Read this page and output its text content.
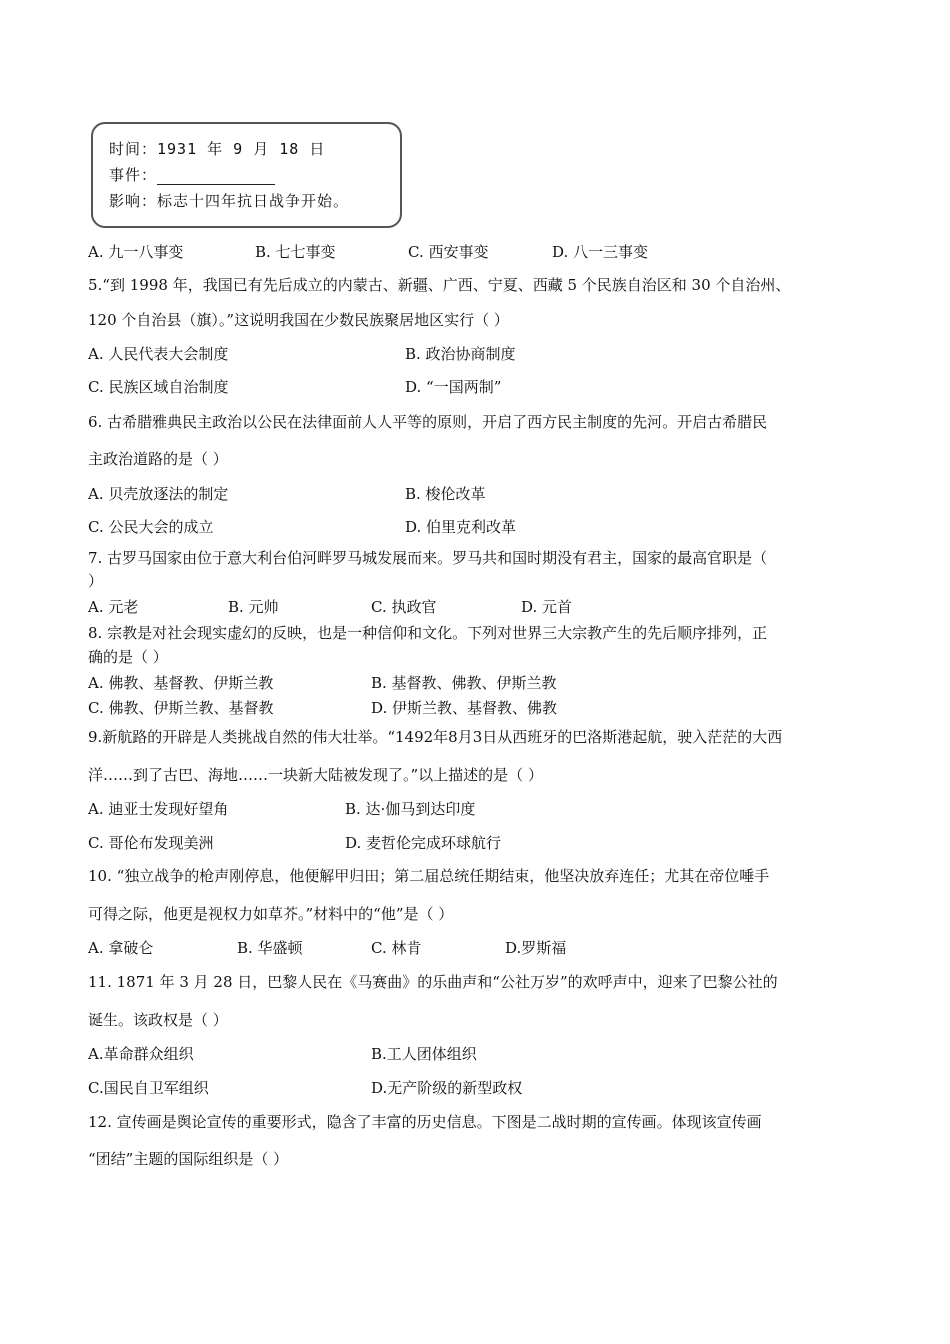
时间：1931 年 9 月 18 日
事件：
影响：标志十四年抗日战争开始。
A. 九一八事变	B. 七七事变	C. 西安事变	D. 八一三事变
5.“到 1998 年，我国已有先后成立的内蒙古、新疆、广西、宁夏、西藏 5 个民族自治区和 30 个自治州、
120 个自治县（旗）。”这说明我国在少数民族聚居地区实行（ ）
A. 人民代表大会制度	B. 政治协商制度
C. 民族区域自治制度	D. “一国两制”
6. 古希腊雅典民主政治以公民在法律面前人人平等的原则，开启了西方民主制度的先河。开启古希腊民
主政治道路的是（ ）
A. 贝壳放逐法的制定	B. 梭伦改革
C. 公民大会的成立	D. 伯里克利改革
7. 古罗马国家由位于意大利台伯河畔罗马城发展而来。罗马共和国时期没有君主，国家的最高官职是（
）
A. 元老	B. 元帅	C. 执政官	D. 元首
8. 宗教是对社会现实虚幻的反映，也是一种信仰和文化。下列对世界三大宗教产生的先后顺序排列，正
确的是（ ）
A. 佛教、基督教、伊斯兰教	B. 基督教、佛教、伊斯兰教
C. 佛教、伊斯兰教、基督教	D. 伊斯兰教、基督教、佛教
9.新航路的开辟是人类挑战自然的伟大壮举。“1492年8月3日从西班牙的巴洛斯港起航，驶入茫茫的大西
洋……到了古巴、海地……一块新大陆被发现了。”以上描述的是（ ）
A. 迪亚士发现好望角	B. 达·伽马到达印度
C. 哥伦布发现美洲	D. 麦哲伦完成环球航行
10. “独立战争的枪声刚停息，他便解甲归田；第二届总统任期结束，他坚决放弃连任；尤其在帝位唾手
可得之际，他更是视权力如草芥。”材料中的“他”是（ ）
A. 拿破仑	B. 华盛顿	C. 林肯	D.罗斯福
11. 1871 年 3 月 28 日，巴黎人民在《马赛曲》的乐曲声和“公社万岁”的欢呼声中，迎来了巴黎公社的
诞生。该政权是（ ）
A.革命群众组织	B.工人团体组织
C.国民自卫军组织	D.无产阶级的新型政权
12. 宣传画是舆论宣传的重要形式，隐含了丰富的历史信息。下图是二战时期的宣传画。体现该宣传画
“团结”主题的国际组织是（ ）
